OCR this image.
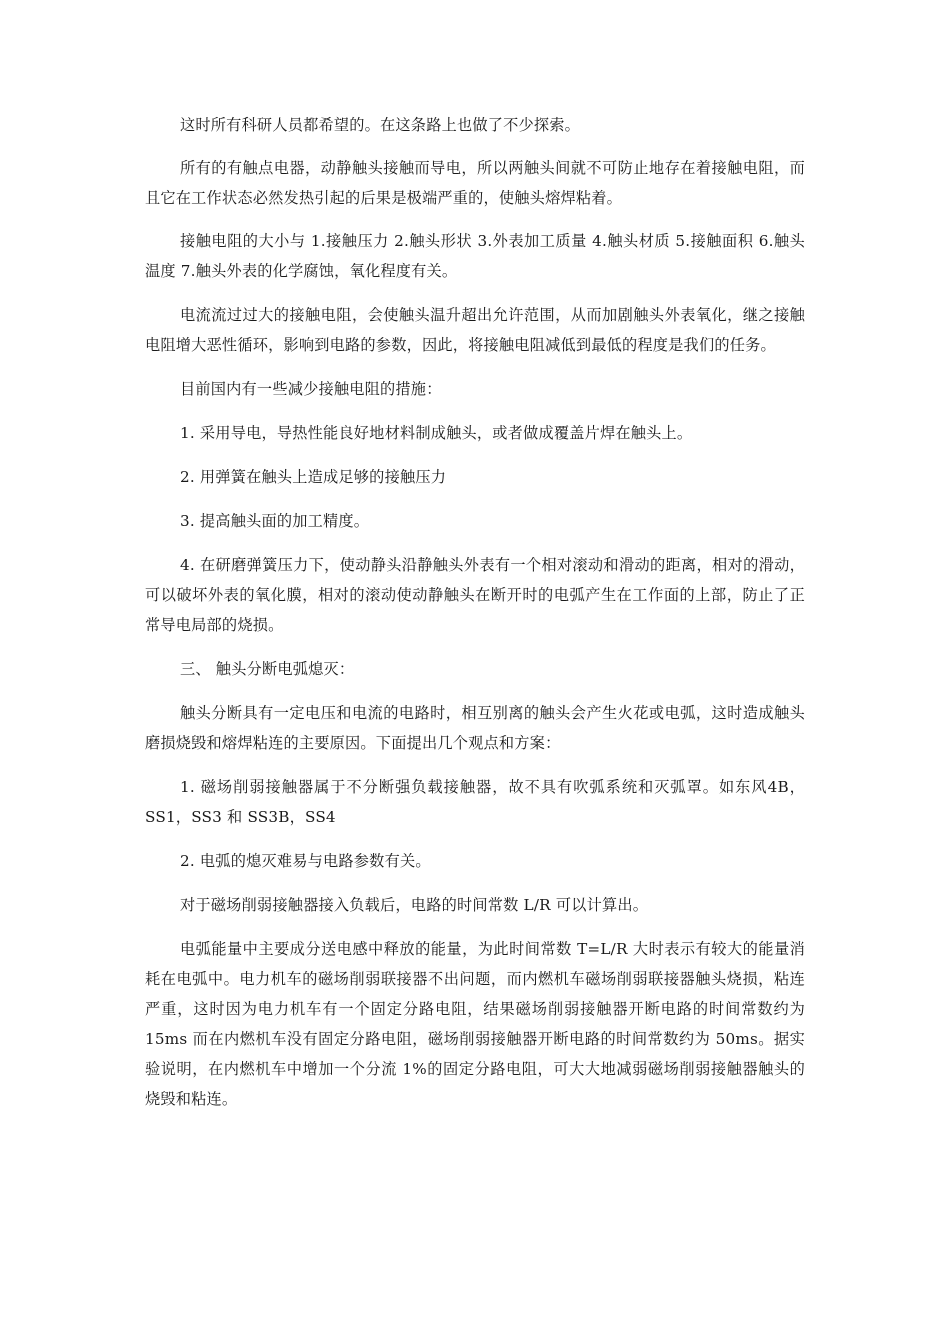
这时所有科研人员都希望的。在这条路上也做了不少探索。

所有的有触点电器，动静触头接触而导电，所以两触头间就不可防止地存在着接触电阻，而且它在工作状态必然发热引起的后果是极端严重的，使触头熔焊粘着。

接触电阻的大小与 1.接触压力 2.触头形状 3.外表加工质量 4.触头材质 5.接触面积 6.触头温度 7.触头外表的化学腐蚀，氧化程度有关。

电流流过过大的接触电阻，会使触头温升超出允许范围，从而加剧触头外表氧化，继之接触电阻增大恶性循环，影响到电路的参数，因此，将接触电阻减低到最低的程度是我们的任务。

目前国内有一些减少接触电阻的措施：

1. 采用导电，导热性能良好地材料制成触头，或者做成覆盖片焊在触头上。

2. 用弹簧在触头上造成足够的接触压力

3. 提高触头面的加工精度。

4. 在研磨弹簧压力下，使动静头沿静触头外表有一个相对滚动和滑动的距离，相对的滑动，可以破坏外表的氧化膜，相对的滚动使动静触头在断开时的电弧产生在工作面的上部，防止了正常导电局部的烧损。

三、 触头分断电弧熄灭：

触头分断具有一定电压和电流的电路时，相互别离的触头会产生火花或电弧，这时造成触头磨损烧毁和熔焊粘连的主要原因。下面提出几个观点和方案：

1. 磁场削弱接触器属于不分断强负载接触器，故不具有吹弧系统和灭弧罩。如东风4B，SS1，SS3 和 SS3B，SS4

2. 电弧的熄灭难易与电路参数有关。

对于磁场削弱接触器接入负载后，电路的时间常数 L/R 可以计算出。

电弧能量中主要成分送电感中释放的能量，为此时间常数 T=L/R 大时表示有较大的能量消耗在电弧中。电力机车的磁场削弱联接器不出问题，而内燃机车磁场削弱联接器触头烧损，粘连严重，这时因为电力机车有一个固定分路电阻，结果磁场削弱接触器开断电路的时间常数约为 15ms 而在内燃机车没有固定分路电阻，磁场削弱接触器开断电路的时间常数约为 50ms。据实验说明，在内燃机车中增加一个分流 1%的固定分路电阻，可大大地减弱磁场削弱接触器触头的烧毁和粘连。
